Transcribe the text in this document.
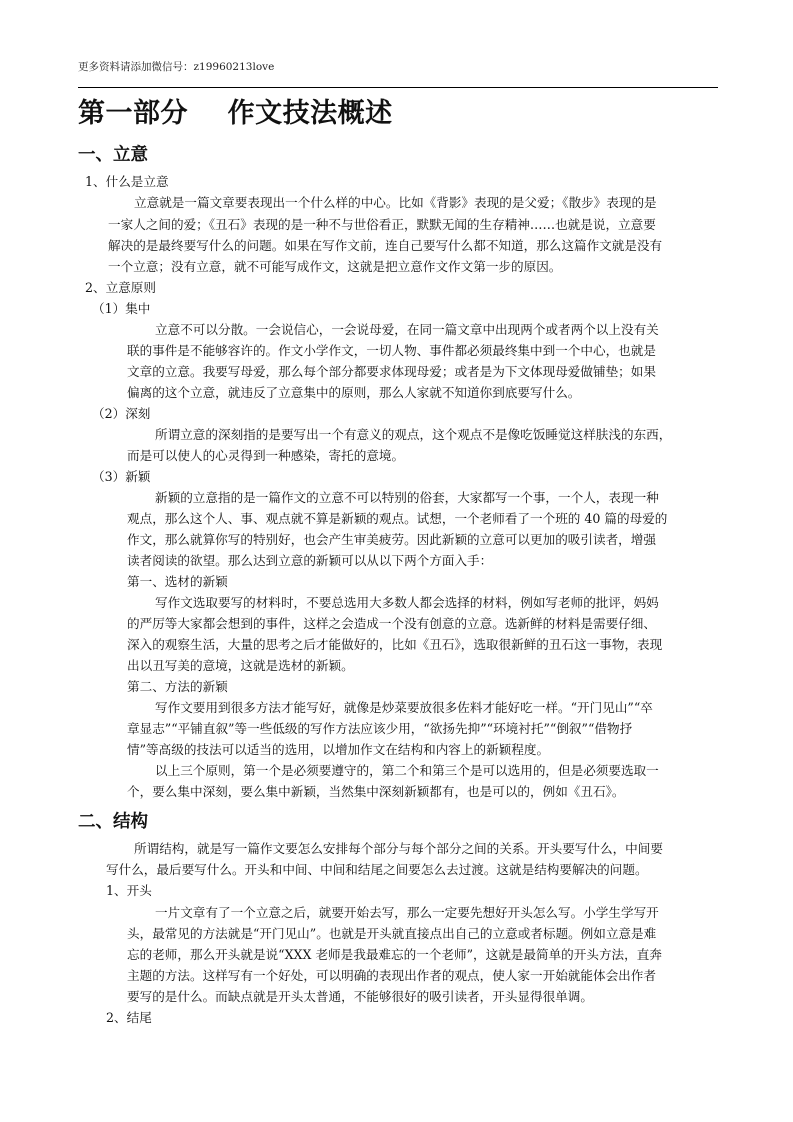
更多资料请添加微信号：z19960213love
第一部分    作文技法概述
一、立意
1、什么是立意
立意就是一篇文章要表现出一个什么样的中心。比如《背影》表现的是父爱；《散步》表现的是
一家人之间的爱；《丑石》表现的是一种不与世俗看正，默默无闻的生存精神……也就是说，立意要
解决的是最终要写什么的问题。如果在写作文前，连自己要写什么都不知道，那么这篇作文就是没有
一个立意；没有立意，就不可能写成作文，这就是把立意作文作文第一步的原因。
2、立意原则
（1）集中
立意不可以分散。一会说信心，一会说母爱，在同一篇文章中出现两个或者两个以上没有关
联的事件是不能够容许的。作文小学作文，一切人物、事件都必须最终集中到一个中心，也就是
文章的立意。我要写母爱，那么每个部分都要求体现母爱；或者是为下文体现母爱做铺垫；如果
偏离的这个立意，就违反了立意集中的原则，那么人家就不知道你到底要写什么。
（2）深刻
所谓立意的深刻指的是要写出一个有意义的观点，这个观点不是像吃饭睡觉这样肤浅的东西，
而是可以使人的心灵得到一种感染，寄托的意境。
（3）新颖
新颖的立意指的是一篇作文的立意不可以特别的俗套，大家都写一个事，一个人，表现一种
观点，那么这个人、事、观点就不算是新颖的观点。试想，一个老师看了一个班的 40 篇的母爱的
作文，那么就算你写的特别好，也会产生审美疲劳。因此新颖的立意可以更加的吸引读者，增强
读者阅读的欲望。那么达到立意的新颖可以从以下两个方面入手：
第一、选材的新颖
写作文选取要写的材料时，不要总选用大多数人都会选择的材料，例如写老师的批评，妈妈
的严厉等大家都会想到的事件，这样之会造成一个没有创意的立意。选新鲜的材料是需要仔细、
深入的观察生活，大量的思考之后才能做好的，比如《丑石》，选取很新鲜的丑石这一事物，表现
出以丑写美的意境，这就是选材的新颖。
第二、方法的新颖
写作文要用到很多方法才能写好，就像是炒菜要放很多佐料才能好吃一样。“开门见山”“卒
章显志”“平铺直叙”等一些低级的写作方法应该少用，“欲扬先抑”“环境衬托”“倒叙”“借物抒
情”等高级的技法可以适当的选用，以增加作文在结构和内容上的新颖程度。
以上三个原则，第一个是必须要遵守的，第二个和第三个是可以选用的，但是必须要选取一
个，要么集中深刻，要么集中新颖，当然集中深刻新颖都有，也是可以的，例如《丑石》。
二、结构
所谓结构，就是写一篇作文要怎么安排每个部分与每个部分之间的关系。开头要写什么，中间要
写什么，最后要写什么。开头和中间、中间和结尾之间要怎么去过渡。这就是结构要解决的问题。
1、开头
一片文章有了一个立意之后，就要开始去写，那么一定要先想好开头怎么写。小学生学写开
头，最常见的方法就是“开门见山”。也就是开头就直接点出自己的立意或者标题。例如立意是难
忘的老师，那么开头就是说“XXX 老师是我最难忘的一个老师”，这就是最简单的开头方法，直奔
主题的方法。这样写有一个好处，可以明确的表现出作者的观点，使人家一开始就能体会出作者
要写的是什么。而缺点就是开头太普通，不能够很好的吸引读者，开头显得很单调。
2、结尾
